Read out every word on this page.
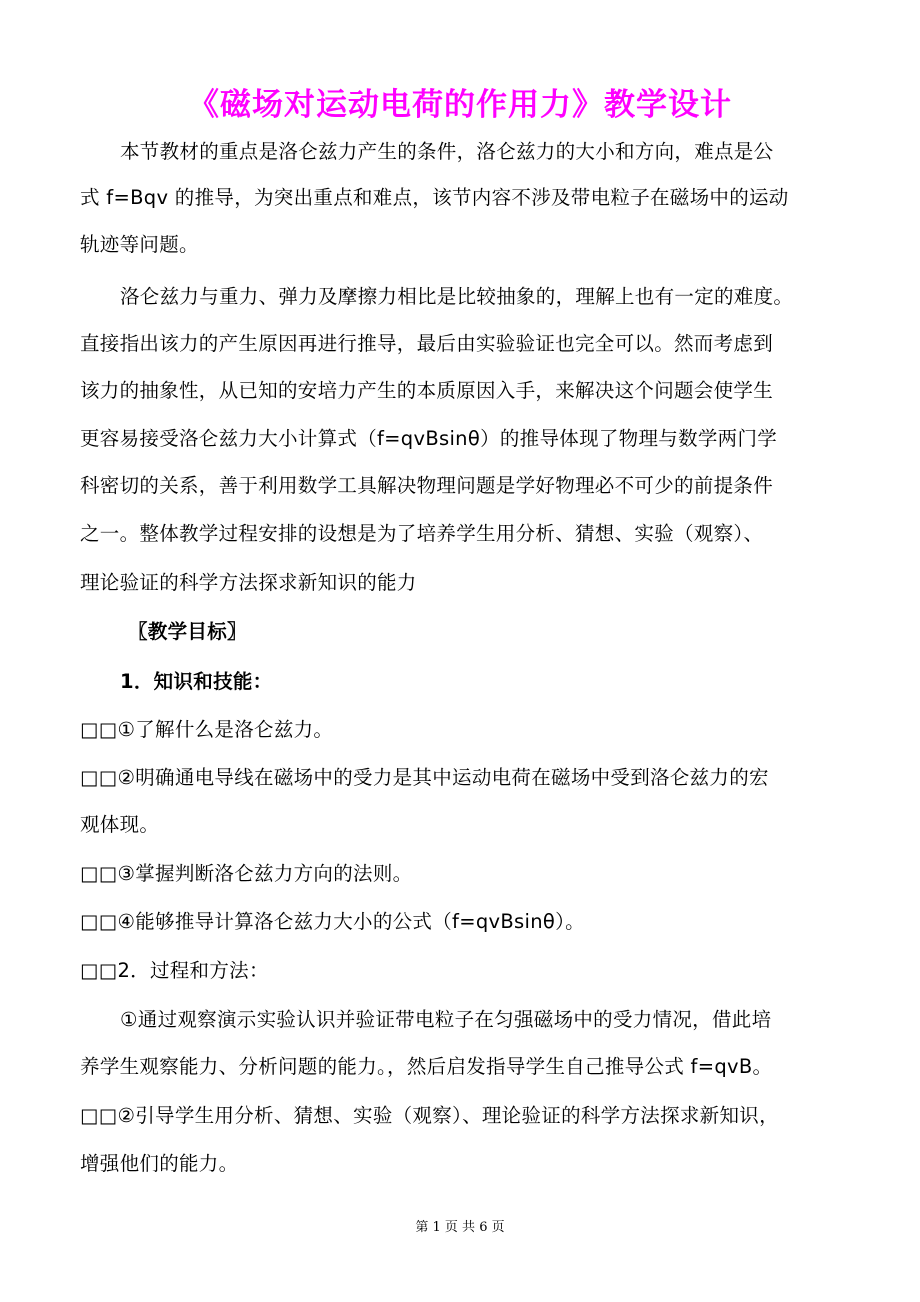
《磁场对运动电荷的作用力》教学设计
本节教材的重点是洛仑兹力产生的条件，洛仑兹力的大小和方向，难点是公
式 f=Bqv 的推导，为突出重点和难点，该节内容不涉及带电粒子在磁场中的运动
轨迹等问题。
洛仑兹力与重力、弹力及摩擦力相比是比较抽象的，理解上也有一定的难度。
直接指出该力的产生原因再进行推导，最后由实验验证也完全可以。然而考虑到
该力的抽象性，从已知的安培力产生的本质原因入手，来解决这个问题会使学生
更容易接受洛仑兹力大小计算式（f=qvBsinθ）的推导体现了物理与数学两门学
科密切的关系，善于利用数学工具解决物理问题是学好物理必不可少的前提条件
之一。整体教学过程安排的设想是为了培养学生用分析、猜想、实验（观察）、
理论验证的科学方法探求新知识的能力
〖教学目标〗
1．知识和技能：
□□①了解什么是洛仑兹力。
□□②明确通电导线在磁场中的受力是其中运动电荷在磁场中受到洛仑兹力的宏
观体现。
□□③掌握判断洛仑兹力方向的法则。
□□④能够推导计算洛仑兹力大小的公式（f=qvBsinθ）。
□□2．过程和方法：
①通过观察演示实验认识并验证带电粒子在匀强磁场中的受力情况，借此培
养学生观察能力、分析问题的能力。，然后启发指导学生自己推导公式 f=qvB。
□□②引导学生用分析、猜想、实验（观察）、理论验证的科学方法探求新知识，
增强他们的能力。
第 1 页 共 6 页
